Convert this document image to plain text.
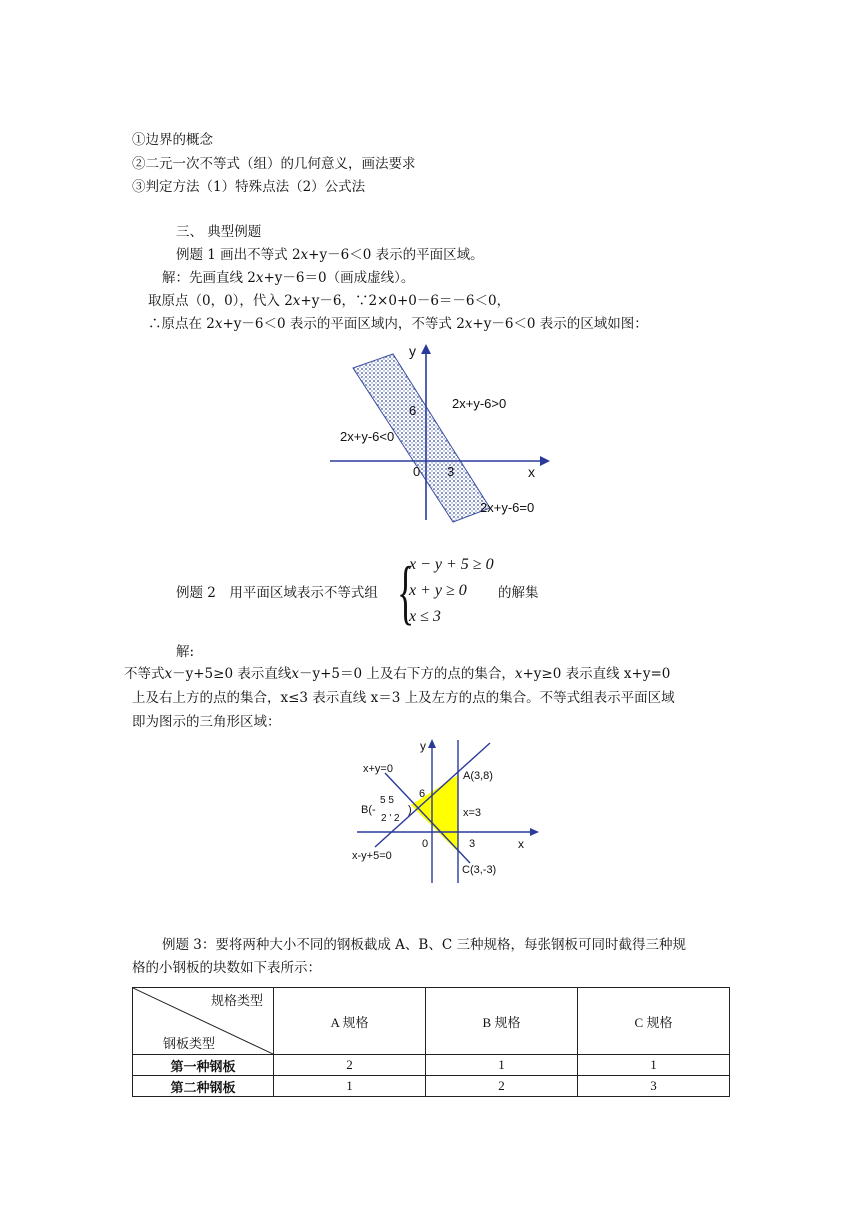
①边界的概念
②二元一次不等式（组）的几何意义，画法要求
③判定方法（1）特殊点法（2）公式法
三、 典型例题
例题 1 画出不等式 2𝑥+y－6＜0 表示的平面区域。
解：先画直线 2𝑥+y－6＝0（画成虚线）。
取原点（0，0），代入 2𝑥+y－6，∵2×0+0－6＝－6＜0，
∴原点在 2𝑥+y－6＜0 表示的平面区域内，不等式 2𝑥+y－6＜0 表示的区域如图：
y
x
6
0 3
2x+y-6>0
2x+y-6<0
2x+y-6=0
例题 2　用平面区域表示不等式组 {
x − y + 5 ≥ 0
x + y ≥ 0
x ≤ 3
的解集
解:
不等式𝑥－y+5≥0 表示直线𝑥－y+5＝0 上及右下方的点的集合，𝑥+y≥0 表示直线 x+y=0
上及右上方的点的集合，x≤3 表示直线 x＝3 上及左方的点的集合。不等式组表示平面区域
即为图示的三角形区域：
y
x
x+y=0
x-y+5=0
x=3
A(3,8)
B(-
5 5
2 ' 2
)
C(3,-3)
6
0	3
例题 3：要将两种大小不同的钢板截成 A、B、C 三种规格，每张钢板可同时截得三种规
格的小钢板的块数如下表所示：
规格类型
钢板类型	A 规格	B 规格	C 规格
第一种钢板	2	1	1
第二种钢板	1	2	3
